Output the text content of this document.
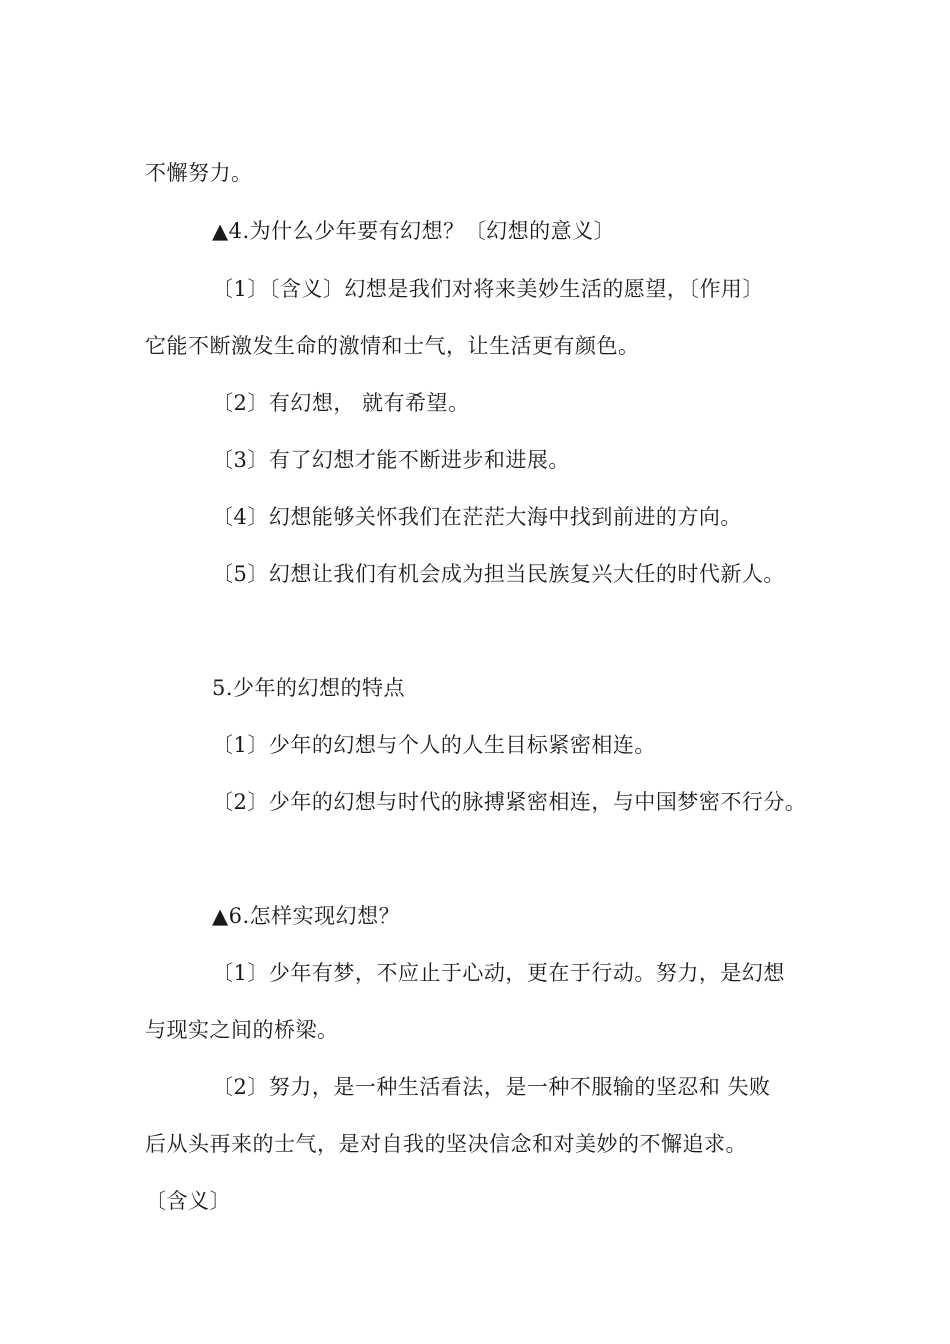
不懈努力。

▲4.为什么少年要有幻想？〔幻想的意义〕

〔1〕〔含义〕幻想是我们对将来美妙生活的愿望，〔作用〕

它能不断激发生命的激情和士气，让生活更有颜色。

〔2〕有幻想， 就有希望。

〔3〕有了幻想才能不断进步和进展。

〔4〕幻想能够关怀我们在茫茫大海中找到前进的方向。

〔5〕幻想让我们有机会成为担当民族复兴大任的时代新人。

5.少年的幻想的特点

〔1〕少年的幻想与个人的人生目标紧密相连。

〔2〕少年的幻想与时代的脉搏紧密相连，与中国梦密不行分。

▲6.怎样实现幻想？

〔1〕少年有梦，不应止于心动，更在于行动。努力，是幻想

与现实之间的桥梁。

〔2〕努力，是一种生活看法，是一种不服输的坚忍和 失败

后从头再来的士气，是对自我的坚决信念和对美妙的不懈追求。

〔含义〕
